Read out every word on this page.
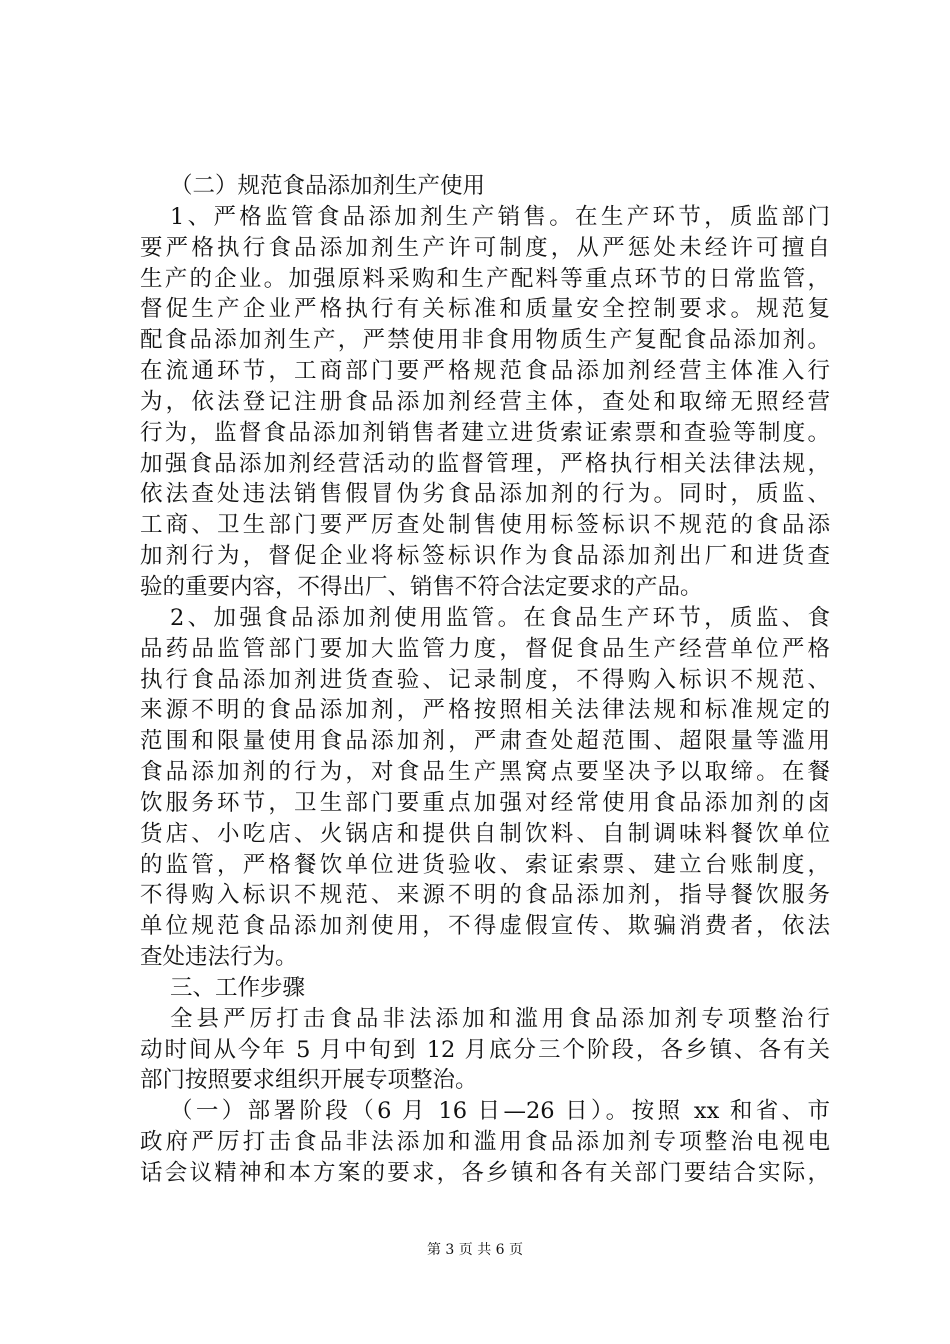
（二）规范食品添加剂生产使用
1、严格监管食品添加剂生产销售。在生产环节，质监部门
要严格执行食品添加剂生产许可制度，从严惩处未经许可擅自
生产的企业。加强原料采购和生产配料等重点环节的日常监管，
督促生产企业严格执行有关标准和质量安全控制要求。规范复
配食品添加剂生产，严禁使用非食用物质生产复配食品添加剂。
在流通环节，工商部门要严格规范食品添加剂经营主体准入行
为，依法登记注册食品添加剂经营主体，查处和取缔无照经营
行为，监督食品添加剂销售者建立进货索证索票和查验等制度。
加强食品添加剂经营活动的监督管理，严格执行相关法律法规，
依法查处违法销售假冒伪劣食品添加剂的行为。同时，质监、
工商、卫生部门要严厉查处制售使用标签标识不规范的食品添
加剂行为，督促企业将标签标识作为食品添加剂出厂和进货查
验的重要内容，不得出厂、销售不符合法定要求的产品。
2、加强食品添加剂使用监管。在食品生产环节，质监、食
品药品监管部门要加大监管力度，督促食品生产经营单位严格
执行食品添加剂进货查验、记录制度，不得购入标识不规范、
来源不明的食品添加剂，严格按照相关法律法规和标准规定的
范围和限量使用食品添加剂，严肃查处超范围、超限量等滥用
食品添加剂的行为，对食品生产黑窝点要坚决予以取缔。在餐
饮服务环节，卫生部门要重点加强对经常使用食品添加剂的卤
货店、小吃店、火锅店和提供自制饮料、自制调味料餐饮单位
的监管，严格餐饮单位进货验收、索证索票、建立台账制度，
不得购入标识不规范、来源不明的食品添加剂，指导餐饮服务
单位规范食品添加剂使用，不得虚假宣传、欺骗消费者，依法
查处违法行为。
三、工作步骤
全县严厉打击食品非法添加和滥用食品添加剂专项整治行
动时间从今年 5 月中旬到 12 月底分三个阶段，各乡镇、各有关
部门按照要求组织开展专项整治。
（一）部署阶段（6 月 16 日—26 日）。按照 xx 和省、市
政府严厉打击食品非法添加和滥用食品添加剂专项整治电视电
话会议精神和本方案的要求，各乡镇和各有关部门要结合实际，
第 3 页 共 6 页
